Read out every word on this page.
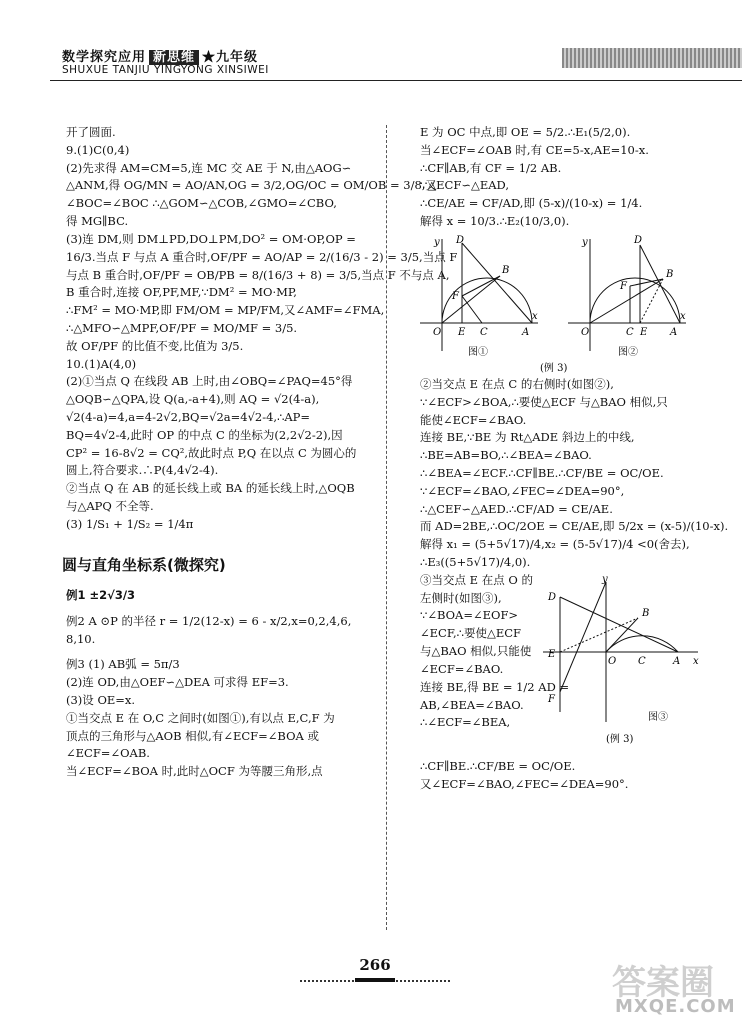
数学探究应用 新思维 ★九年级
SHUXUE TANJIU YINGYONG XINSIWEI

开了圆面.

9.(1)C(0,4)

(2)先求得 AM=CM=5,连 MC 交 AE 于 N,由△AOG∽

△ANM,得 OG/MN = AO/AN,OG = 3/2,OG/OC = OM/OB = 3/8,又

∠BOC=∠BOC ∴△GOM∽△COB,∠GMO=∠CBO,

得 MG∥BC.

(3)连 DM,则 DM⊥PD,DO⊥PM,DO² = OM·OP,OP =

16/3.当点 F 与点 A 重合时,OF/PF = AO/AP = 2/(16/3 - 2) = 3/5,当点 F

与点 B 重合时,OF/PF = OB/PB = 8/(16/3 + 8) = 3/5,当点 F 不与点 A,

B 重合时,连接 OF,PF,MF,∵DM² = MO·MP,

∴FM² = MO·MP,即 FM/OM = MP/FM,又∠AMF=∠FMA,

∴△MFO∽△MPF,OF/PF = MO/MF = 3/5.

故 OF/PF 的比值不变,比值为 3/5.

10.(1)A(4,0)

(2)①当点 Q 在线段 AB 上时,由∠OBQ=∠PAQ=45°得

△OQB∽△QPA,设 Q(a,-a+4),则 AQ = √2(4-a),

√2(4-a)=4,a=4-2√2,BQ=√2a=4√2-4,∴AP=

BQ=4√2-4,此时 OP 的中点 C 的坐标为(2,2√2-2),因

CP² = 16-8√2 = CQ²,故此时点 P,Q 在以点 C 为圆心的

圆上,符合要求.∴P(4,4√2-4).

②当点 Q 在 AB 的延长线上或 BA 的延长线上时,△OQB

与△APQ 不全等.

(3) 1/S₁ + 1/S₂ = 1/4π

圆与直角坐标系(微探究)

例1 ±2√3/3

例2 A ⊙P 的半径 r = 1/2(12-x) = 6 - x/2,x=0,2,4,6,

8,10.

例3 (1) AB弧 = 5π/3

(2)连 OD,由△OEF∽△DEA 可求得 EF=3.

(3)设 OE=x.

①当交点 E 在 O,C 之间时(如图①),有以点 E,C,F 为

顶点的三角形与△AOB 相似,有∠ECF=∠BOA 或

∠ECF=∠OAB.

当∠ECF=∠BOA 时,此时△OCF 为等腰三角形,点

E 为 OC 中点,即 OE = 5/2.∴E₁(5/2,0).

当∠ECF=∠OAB 时,有 CE=5-x,AE=10-x.

∴CF∥AB,有 CF = 1/2 AB.

∵△ECF∽△EAD,

∴CE/AE = CF/AD,即 (5-x)/(10-x) = 1/4.

解得 x = 10/3.∴E₂(10/3,0).

y
x
O E C	A
D
B
F
图①
y
x
O	C E A
D
B
F
图②
(例 3)

②当交点 E 在点 C 的右侧时(如图②),

∵∠ECF>∠BOA,∴要使△ECF 与△BAO 相似,只

能使∠ECF=∠BAO.

连接 BE,∵BE 为 Rt△ADE 斜边上的中线,

∴BE=AB=BO,∴∠BEA=∠BAO.

∴∠BEA=∠ECF.∴CF∥BE.∴CF/BE = OC/OE.

∵∠ECF=∠BAO,∠FEC=∠DEA=90°,

∴△CEF∽△AED.∴CF/AD = CE/AE.

而 AD=2BE,∴OC/2OE = CE/AE,即 5/2x = (x-5)/(10-x).

解得 x₁ = (5+5√17)/4,x₂ = (5-5√17)/4 <0(舍去),

∴E₃((5+5√17)/4,0).

③当交点 E 在点 O 的

左侧时(如图③),

∵∠BOA=∠EOF>

∠ECF,∴要使△ECF

与△BAO 相似,只能使

∠ECF=∠BAO.

连接 BE,得 BE = 1/2 AD =

AB,∠BEA=∠BAO.

∴∠ECF=∠BEA,

y
x
D
B
E
O C	A
F
图③
(例 3)

∴CF∥BE.∴CF/BE = OC/OE.

又∠ECF=∠BAO,∠FEC=∠DEA=90°.

266	答案圈
MXQE.COM
